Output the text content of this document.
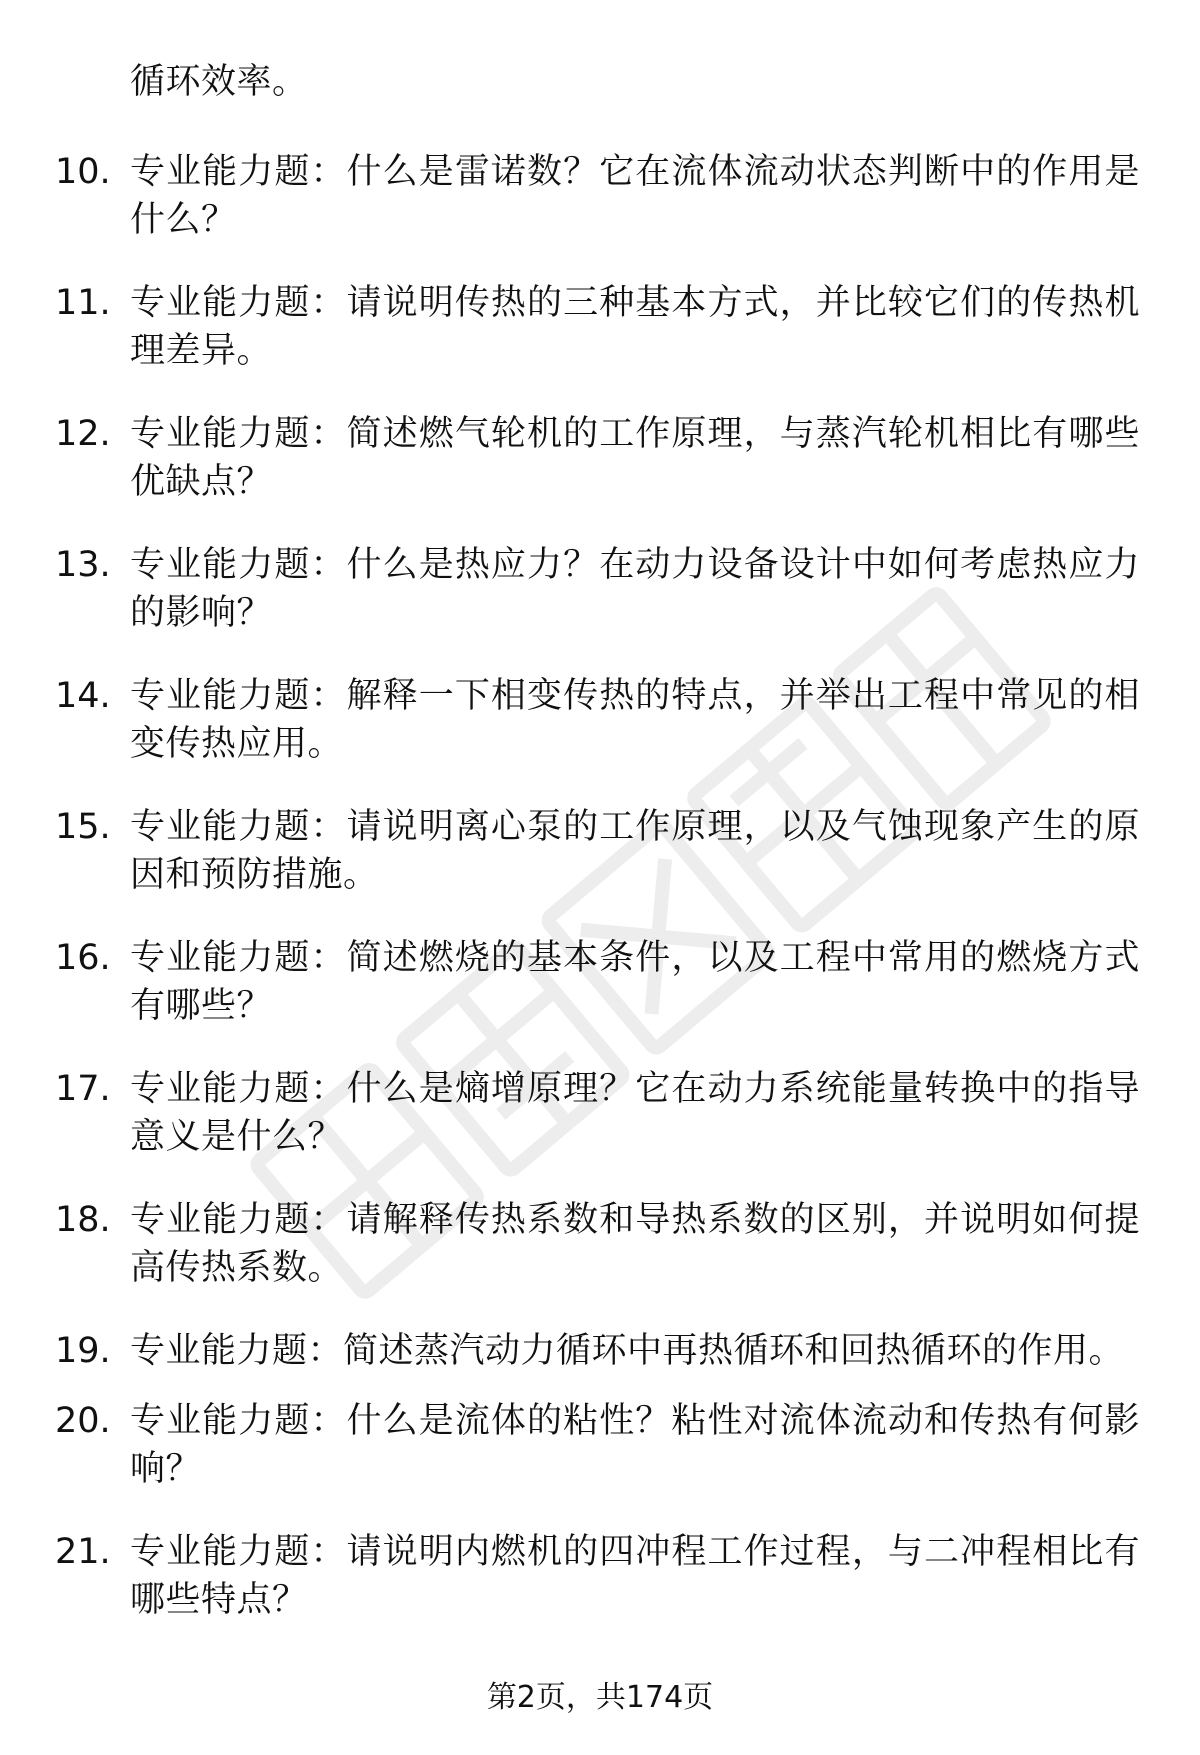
循环效率。
10. 专业能力题：什么是雷诺数？它在流体流动状态判断中的作用是什么？
11. 专业能力题：请说明传热的三种基本方式，并比较它们的传热机理差异。
12. 专业能力题：简述燃气轮机的工作原理，与蒸汽轮机相比有哪些优缺点？
13. 专业能力题：什么是热应力？在动力设备设计中如何考虑热应力的影响？
14. 专业能力题：解释一下相变传热的特点，并举出工程中常见的相变传热应用。
15. 专业能力题：请说明离心泵的工作原理，以及气蚀现象产生的原因和预防措施。
16. 专业能力题：简述燃烧的基本条件，以及工程中常用的燃烧方式有哪些？
17. 专业能力题：什么是熵增原理？它在动力系统能量转换中的指导意义是什么？
18. 专业能力题：请解释传热系数和导热系数的区别，并说明如何提高传热系数。
19. 专业能力题：简述蒸汽动力循环中再热循环和回热循环的作用。
20. 专业能力题：什么是流体的粘性？粘性对流体流动和传热有何影响？
21. 专业能力题：请说明内燃机的四冲程工作过程，与二冲程相比有哪些特点？
第2页，共174页
